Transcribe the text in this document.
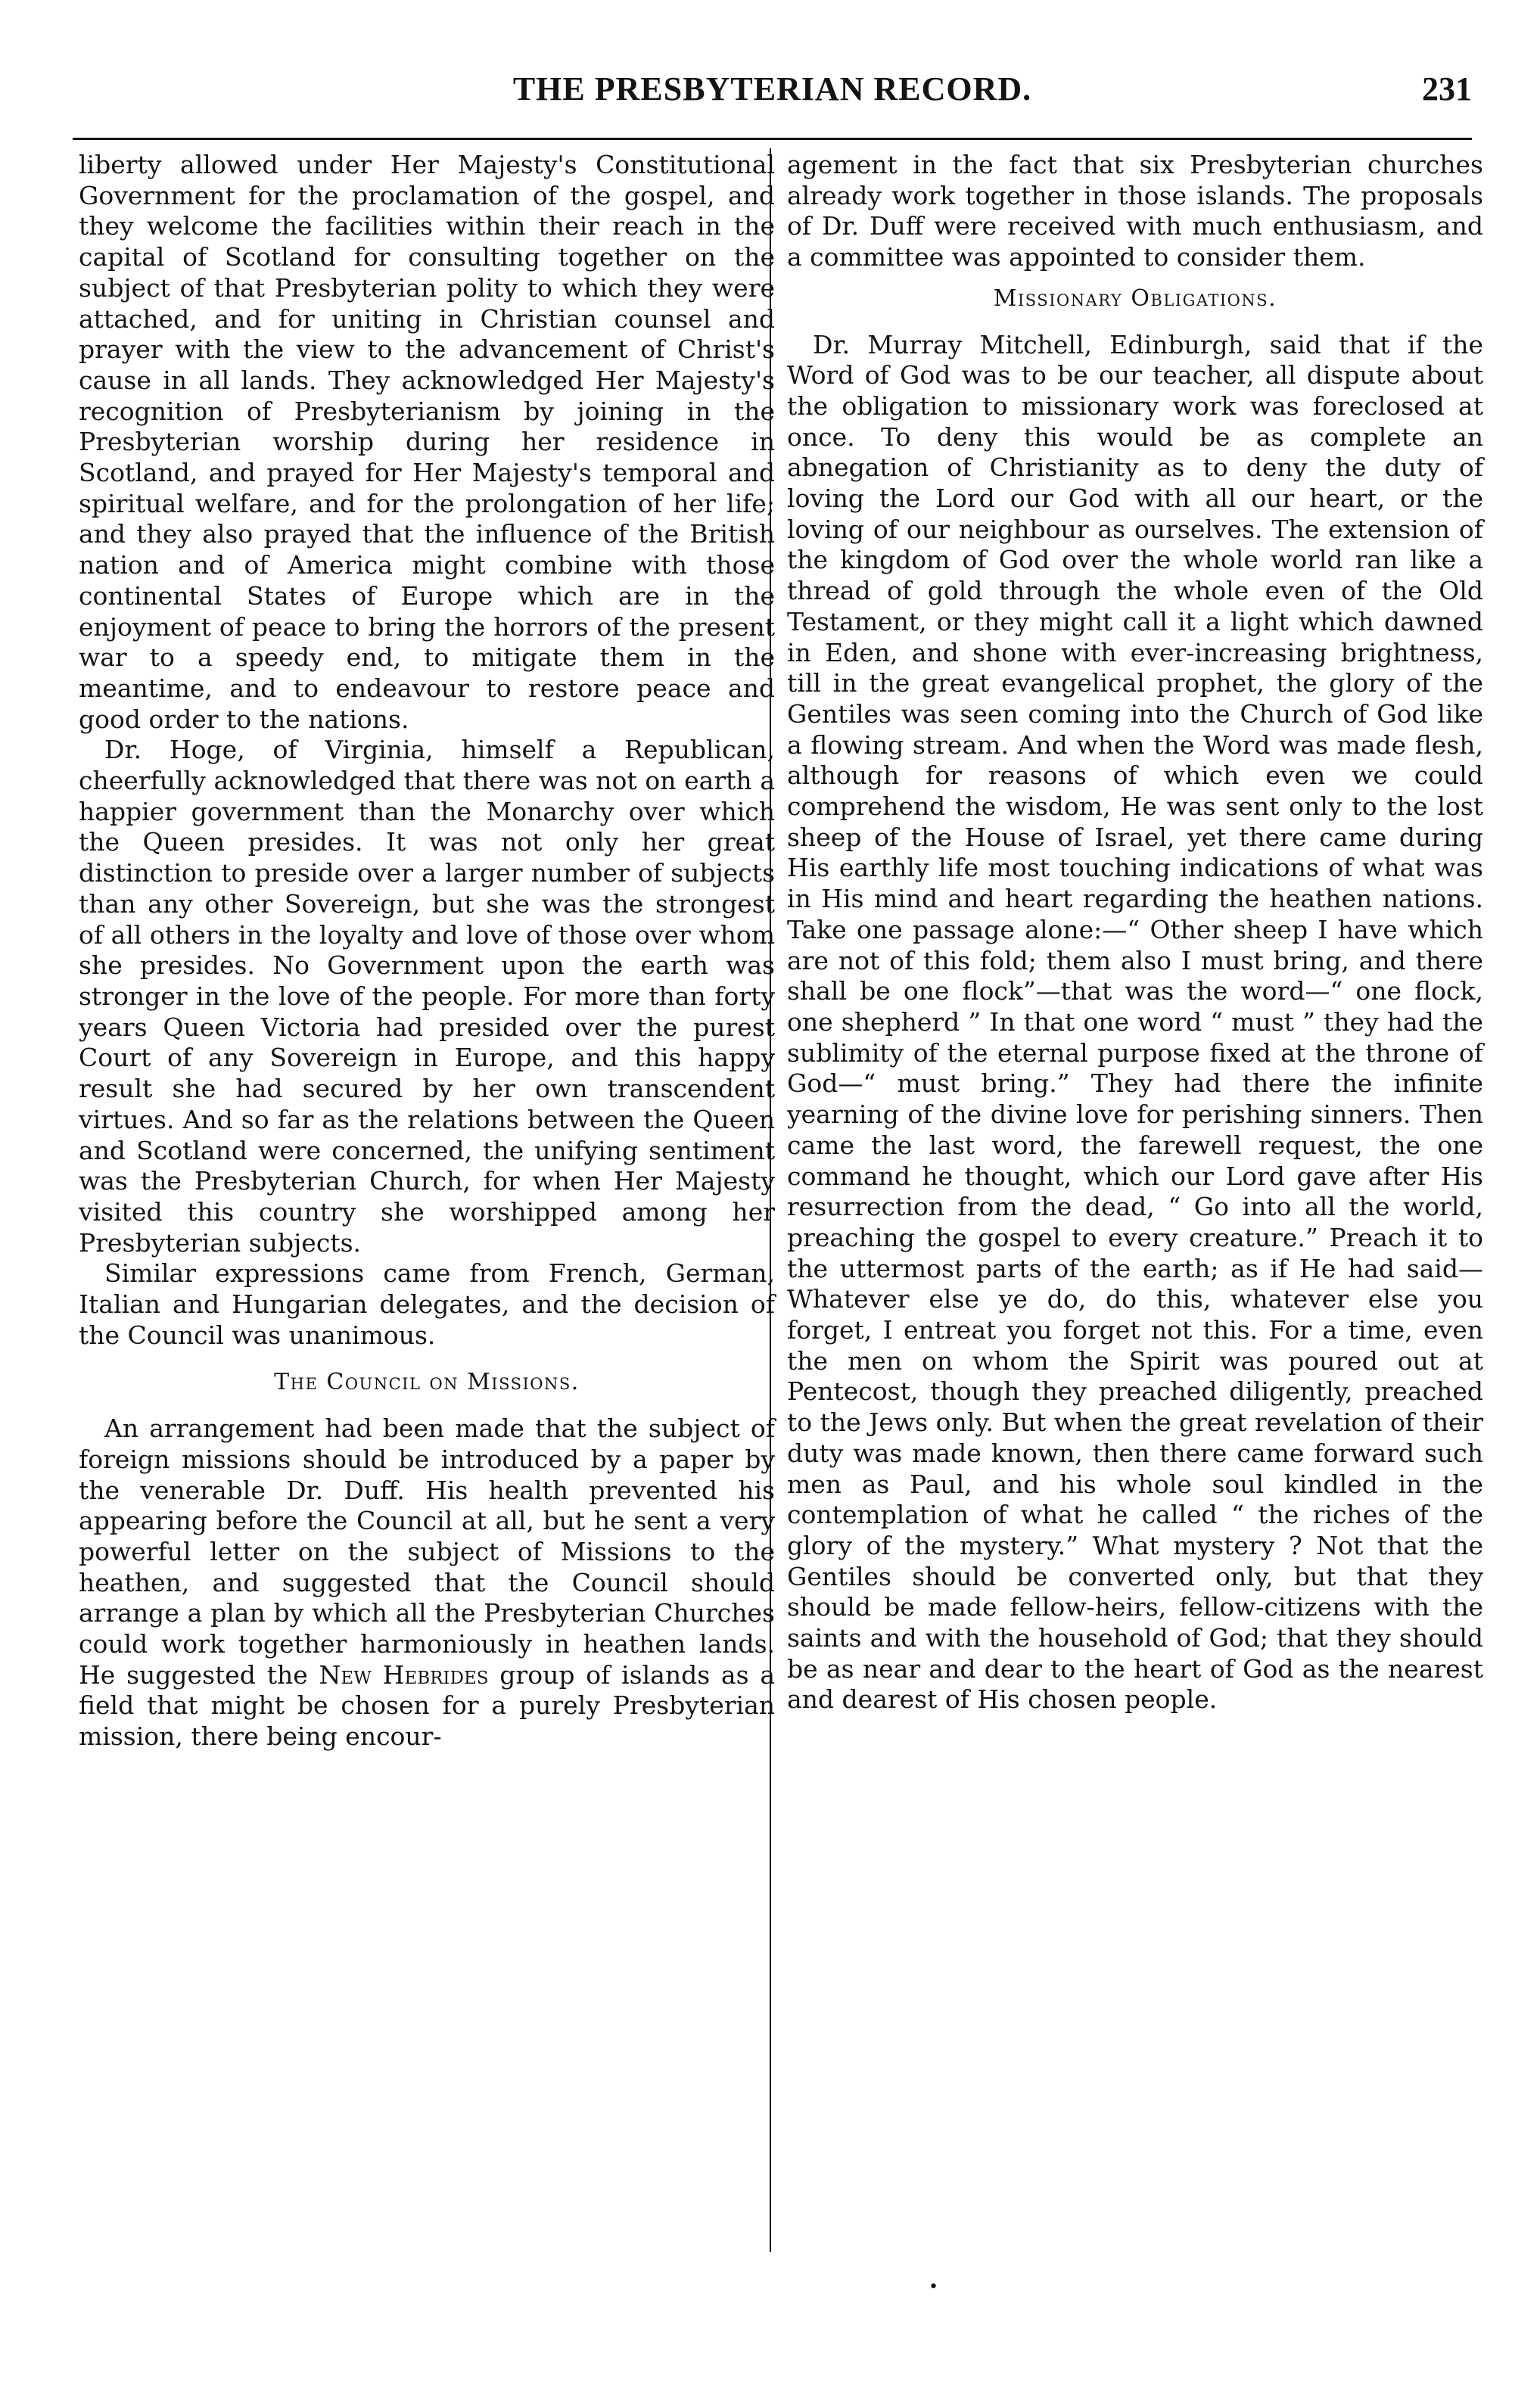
THE PRESBYTERIAN RECORD.	231

liberty allowed under Her Majesty's Constitutional Government for the proclamation of the gospel, and they welcome the facilities within their reach in the capital of Scotland for consulting together on the subject of that Presbyterian polity to which they were attached, and for uniting in Christian counsel and prayer with the view to the advancement of Christ's cause in all lands. They acknowledged Her Majesty's recognition of Presbyterianism by joining in the Presbyterian worship during her residence in Scotland, and prayed for Her Majesty's temporal and spiritual welfare, and for the prolongation of her life; and they also prayed that the influence of the British nation and of America might combine with those continental States of Europe which are in the enjoyment of peace to bring the horrors of the present war to a speedy end, to mitigate them in the meantime, and to endeavour to restore peace and good order to the nations.

Dr. Hoge, of Virginia, himself a Republican, cheerfully acknowledged that there was not on earth a happier government than the Monarchy over which the Queen presides. It was not only her great distinction to preside over a larger number of subjects than any other Sovereign, but she was the strongest of all others in the loyalty and love of those over whom she presides. No Government upon the earth was stronger in the love of the people. For more than forty years Queen Victoria had presided over the purest Court of any Sovereign in Europe, and this happy result she had secured by her own transcendent virtues. And so far as the relations between the Queen and Scotland were concerned, the unifying sentiment was the Presbyterian Church, for when Her Majesty visited this country she worshipped among her Presbyterian subjects.

Similar expressions came from French, German, Italian and Hungarian delegates, and the decision of the Council was unanimous.

The Council on Missions.

An arrangement had been made that the subject of foreign missions should be introduced by a paper by the venerable Dr. Duff. His health prevented his appearing before the Council at all, but he sent a very powerful letter on the subject of Missions to the heathen, and suggested that the Council should arrange a plan by which all the Presbyterian Churches could work together harmoniously in heathen lands. He suggested the New Hebrides group of islands as a field that might be chosen for a purely Presbyterian mission, there being encour-

agement in the fact that six Presbyterian churches already work together in those islands. The proposals of Dr. Duff were received with much enthusiasm, and a committee was appointed to consider them.

Missionary Obligations.

Dr. Murray Mitchell, Edinburgh, said that if the Word of God was to be our teacher, all dispute about the obligation to missionary work was foreclosed at once. To deny this would be as complete an abnegation of Christianity as to deny the duty of loving the Lord our God with all our heart, or the loving of our neighbour as ourselves. The extension of the kingdom of God over the whole world ran like a thread of gold through the whole even of the Old Testament, or they might call it a light which dawned in Eden, and shone with ever-increasing brightness, till in the great evangelical prophet, the glory of the Gentiles was seen coming into the Church of God like a flowing stream. And when the Word was made flesh, although for reasons of which even we could comprehend the wisdom, He was sent only to the lost sheep of the House of Israel, yet there came during His earthly life most touching indications of what was in His mind and heart regarding the heathen nations. Take one passage alone:—“ Other sheep I have which are not of this fold; them also I must bring, and there shall be one flock”—that was the word—“ one flock, one shepherd ” In that one word “ must ” they had the sublimity of the eternal purpose fixed at the throne of God—“ must bring.” They had there the infinite yearning of the divine love for perishing sinners. Then came the last word, the farewell request, the one command he thought, which our Lord gave after His resurrection from the dead, “ Go into all the world, preaching the gospel to every creature.” Preach it to the uttermost parts of the earth; as if He had said—Whatever else ye do, do this, whatever else you forget, I entreat you forget not this. For a time, even the men on whom the Spirit was poured out at Pentecost, though they preached diligently, preached to the Jews only. But when the great revelation of their duty was made known, then there came forward such men as Paul, and his whole soul kindled in the contemplation of what he called “ the riches of the glory of the mystery.” What mystery ? Not that the Gentiles should be converted only, but that they should be made fellow-heirs, fellow-citizens with the saints and with the household of God; that they should be as near and dear to the heart of God as the nearest and dearest of His chosen people.

•
